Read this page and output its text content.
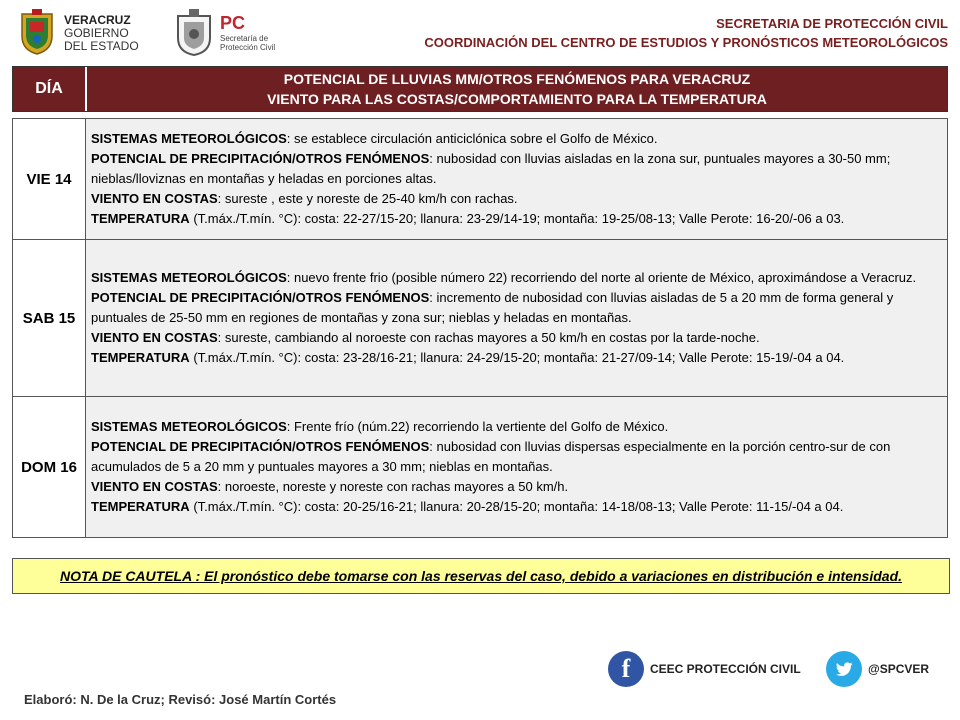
VERACRUZ
GOBIERNO
DEL ESTADO
PC
Secretaría de
Protección Civil
SECRETARIA DE PROTECCIÓN CIVIL
COORDINACIÓN DEL CENTRO DE ESTUDIOS Y PRONÓSTICOS METEOROLÓGICOS
DÍA
POTENCIAL DE LLUVIAS MM/OTROS FENÓMENOS PARA VERACRUZ
VIENTO PARA LAS COSTAS/COMPORTAMIENTO PARA LA TEMPERATURA
VIE 14

SISTEMAS METEOROLÓGICOS: se establece circulación anticiclónica sobre el Golfo de México.

POTENCIAL DE PRECIPITACIÓN/OTROS FENÓMENOS: nubosidad con lluvias aisladas en la zona sur, puntuales mayores a 30-50 mm; nieblas/lloviznas en montañas y heladas en porciones altas.

VIENTO EN COSTAS: sureste , este y noreste de 25-40 km/h con rachas.

TEMPERATURA (T.máx./T.mín. °C): costa: 22-27/15-20; llanura: 23-29/14-19; montaña: 19-25/08-13; Valle Perote: 16-20/-06 a 03.

SAB 15

SISTEMAS METEOROLÓGICOS: nuevo frente frio (posible número 22) recorriendo del norte al oriente de México, aproximándose a Veracruz.

POTENCIAL DE PRECIPITACIÓN/OTROS FENÓMENOS: incremento de nubosidad con lluvias aisladas de 5 a 20 mm de forma general y puntuales de 25-50 mm en regiones de montañas y zona sur; nieblas y heladas en montañas.

VIENTO EN COSTAS: sureste, cambiando al noroeste con rachas mayores a 50 km/h en costas por la tarde-noche.

TEMPERATURA (T.máx./T.mín. °C): costa: 23-28/16-21; llanura: 24-29/15-20; montaña: 21-27/09-14; Valle Perote: 15-19/-04 a 04.

DOM 16

SISTEMAS METEOROLÓGICOS: Frente frío (núm.22) recorriendo la vertiente del Golfo de México.

POTENCIAL DE PRECIPITACIÓN/OTROS FENÓMENOS: nubosidad con lluvias dispersas especialmente en la porción centro-sur de con acumulados de 5 a 20 mm y puntuales mayores a 30 mm; nieblas en montañas.

VIENTO EN COSTAS: noroeste, noreste y noreste con rachas mayores a 50 km/h.

TEMPERATURA (T.máx./T.mín. °C): costa: 20-25/16-21; llanura: 20-28/15-20; montaña: 14-18/08-13; Valle Perote: 11-15/-04 a 04.

NOTA DE CAUTELA : El pronóstico debe tomarse con las reservas del caso, debido a variaciones en distribución e intensidad.
f	CEEC PROTECCIÓN CIVIL	@SPCVER
Elaboró: N. De la Cruz; Revisó: José Martín Cortés
